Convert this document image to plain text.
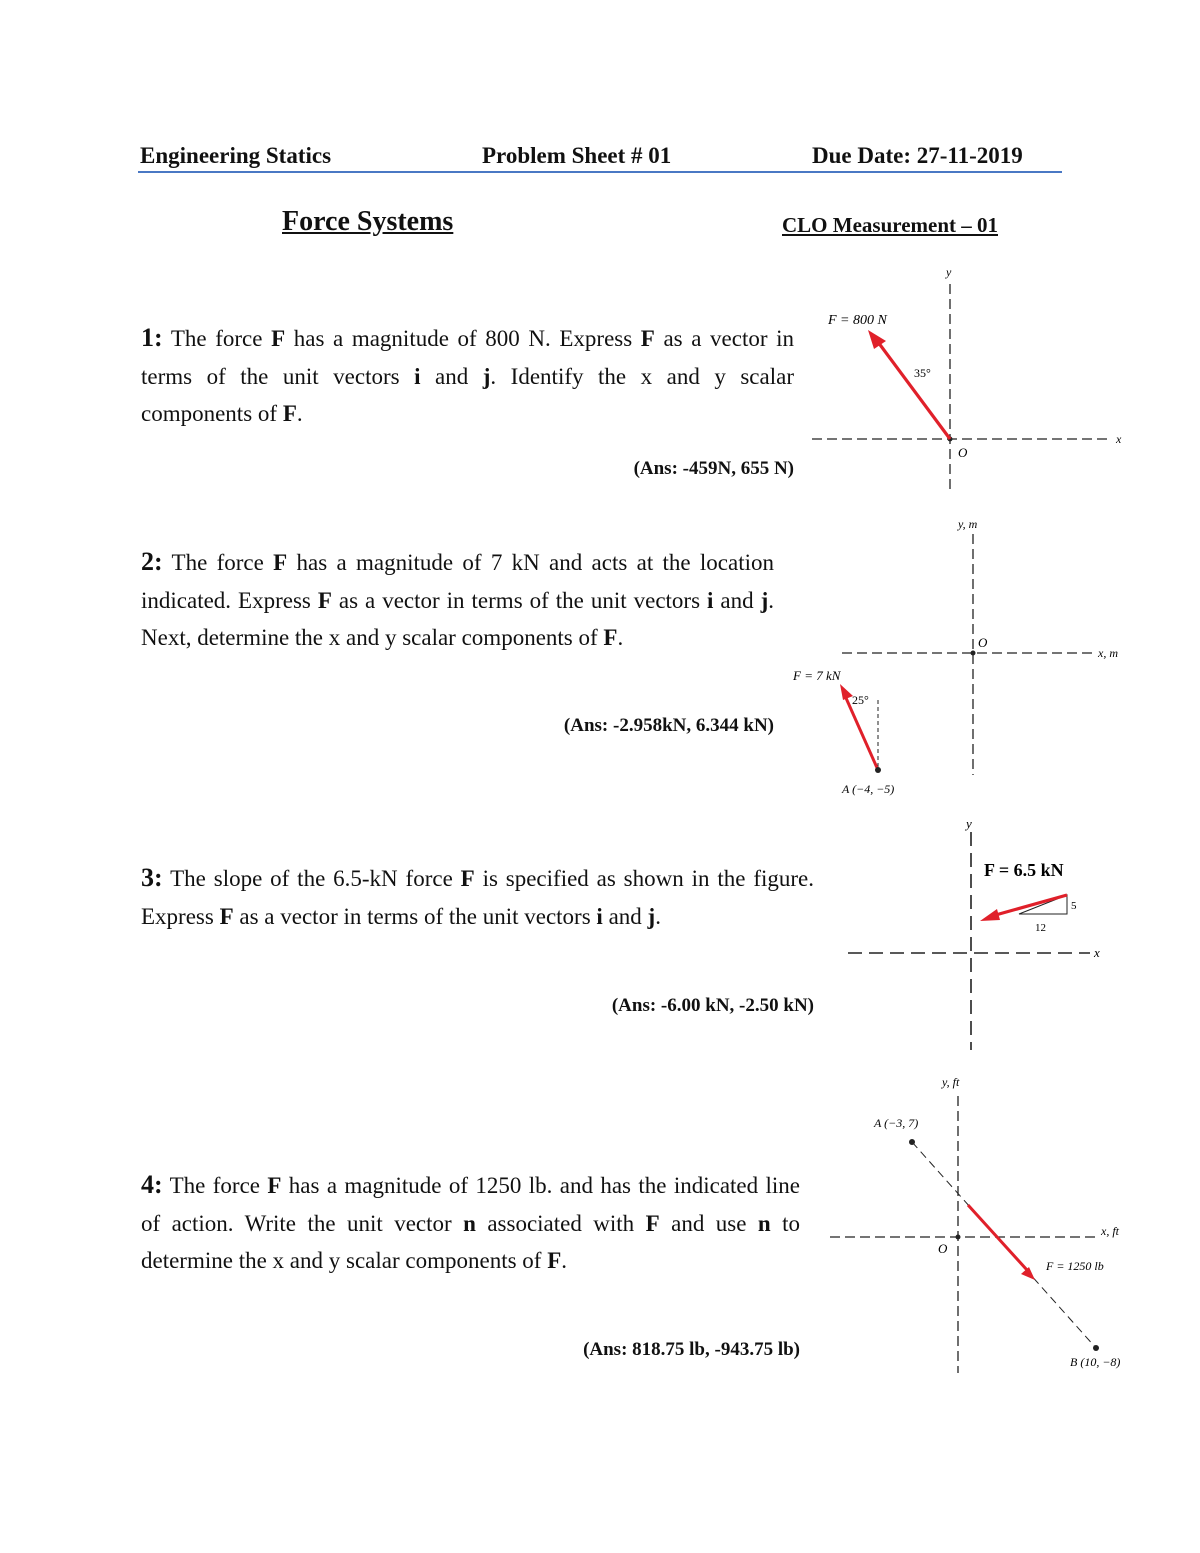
Engineering Statics	Problem Sheet # 01	Due Date: 27-11-2019
Force Systems	CLO Measurement – 01
1: The force F has a magnitude of 800 N. Express F as a vector in terms of the unit vectors i and j. Identify the x and y scalar components of F.
(Ans: -459N, 655 N)
y
x
O
F = 800 N
35°
2: The force F has a magnitude of 7 kN and acts at the location indicated. Express F as a vector in terms of the unit vectors i and j. Next, determine the x and y scalar components of F.
(Ans: -2.958kN, 6.344 kN)
y, m
x, m
O
F = 7 kN
25°
A (−4, −5)
3: The slope of the 6.5-kN force F is specified as shown in the figure. Express F as a vector in terms of the unit vectors i and j.
(Ans: -6.00 kN, -2.50 kN)
y
x
F = 6.5 kN
5
12
4: The force F has a magnitude of 1250 lb. and has the indicated line of action. Write the unit vector n associated with F and use n to determine the x and y scalar components of F.
(Ans: 818.75 lb, -943.75 lb)
y, ft
x, ft
O
A (−3, 7)
B (10, −8)
F = 1250 lb
